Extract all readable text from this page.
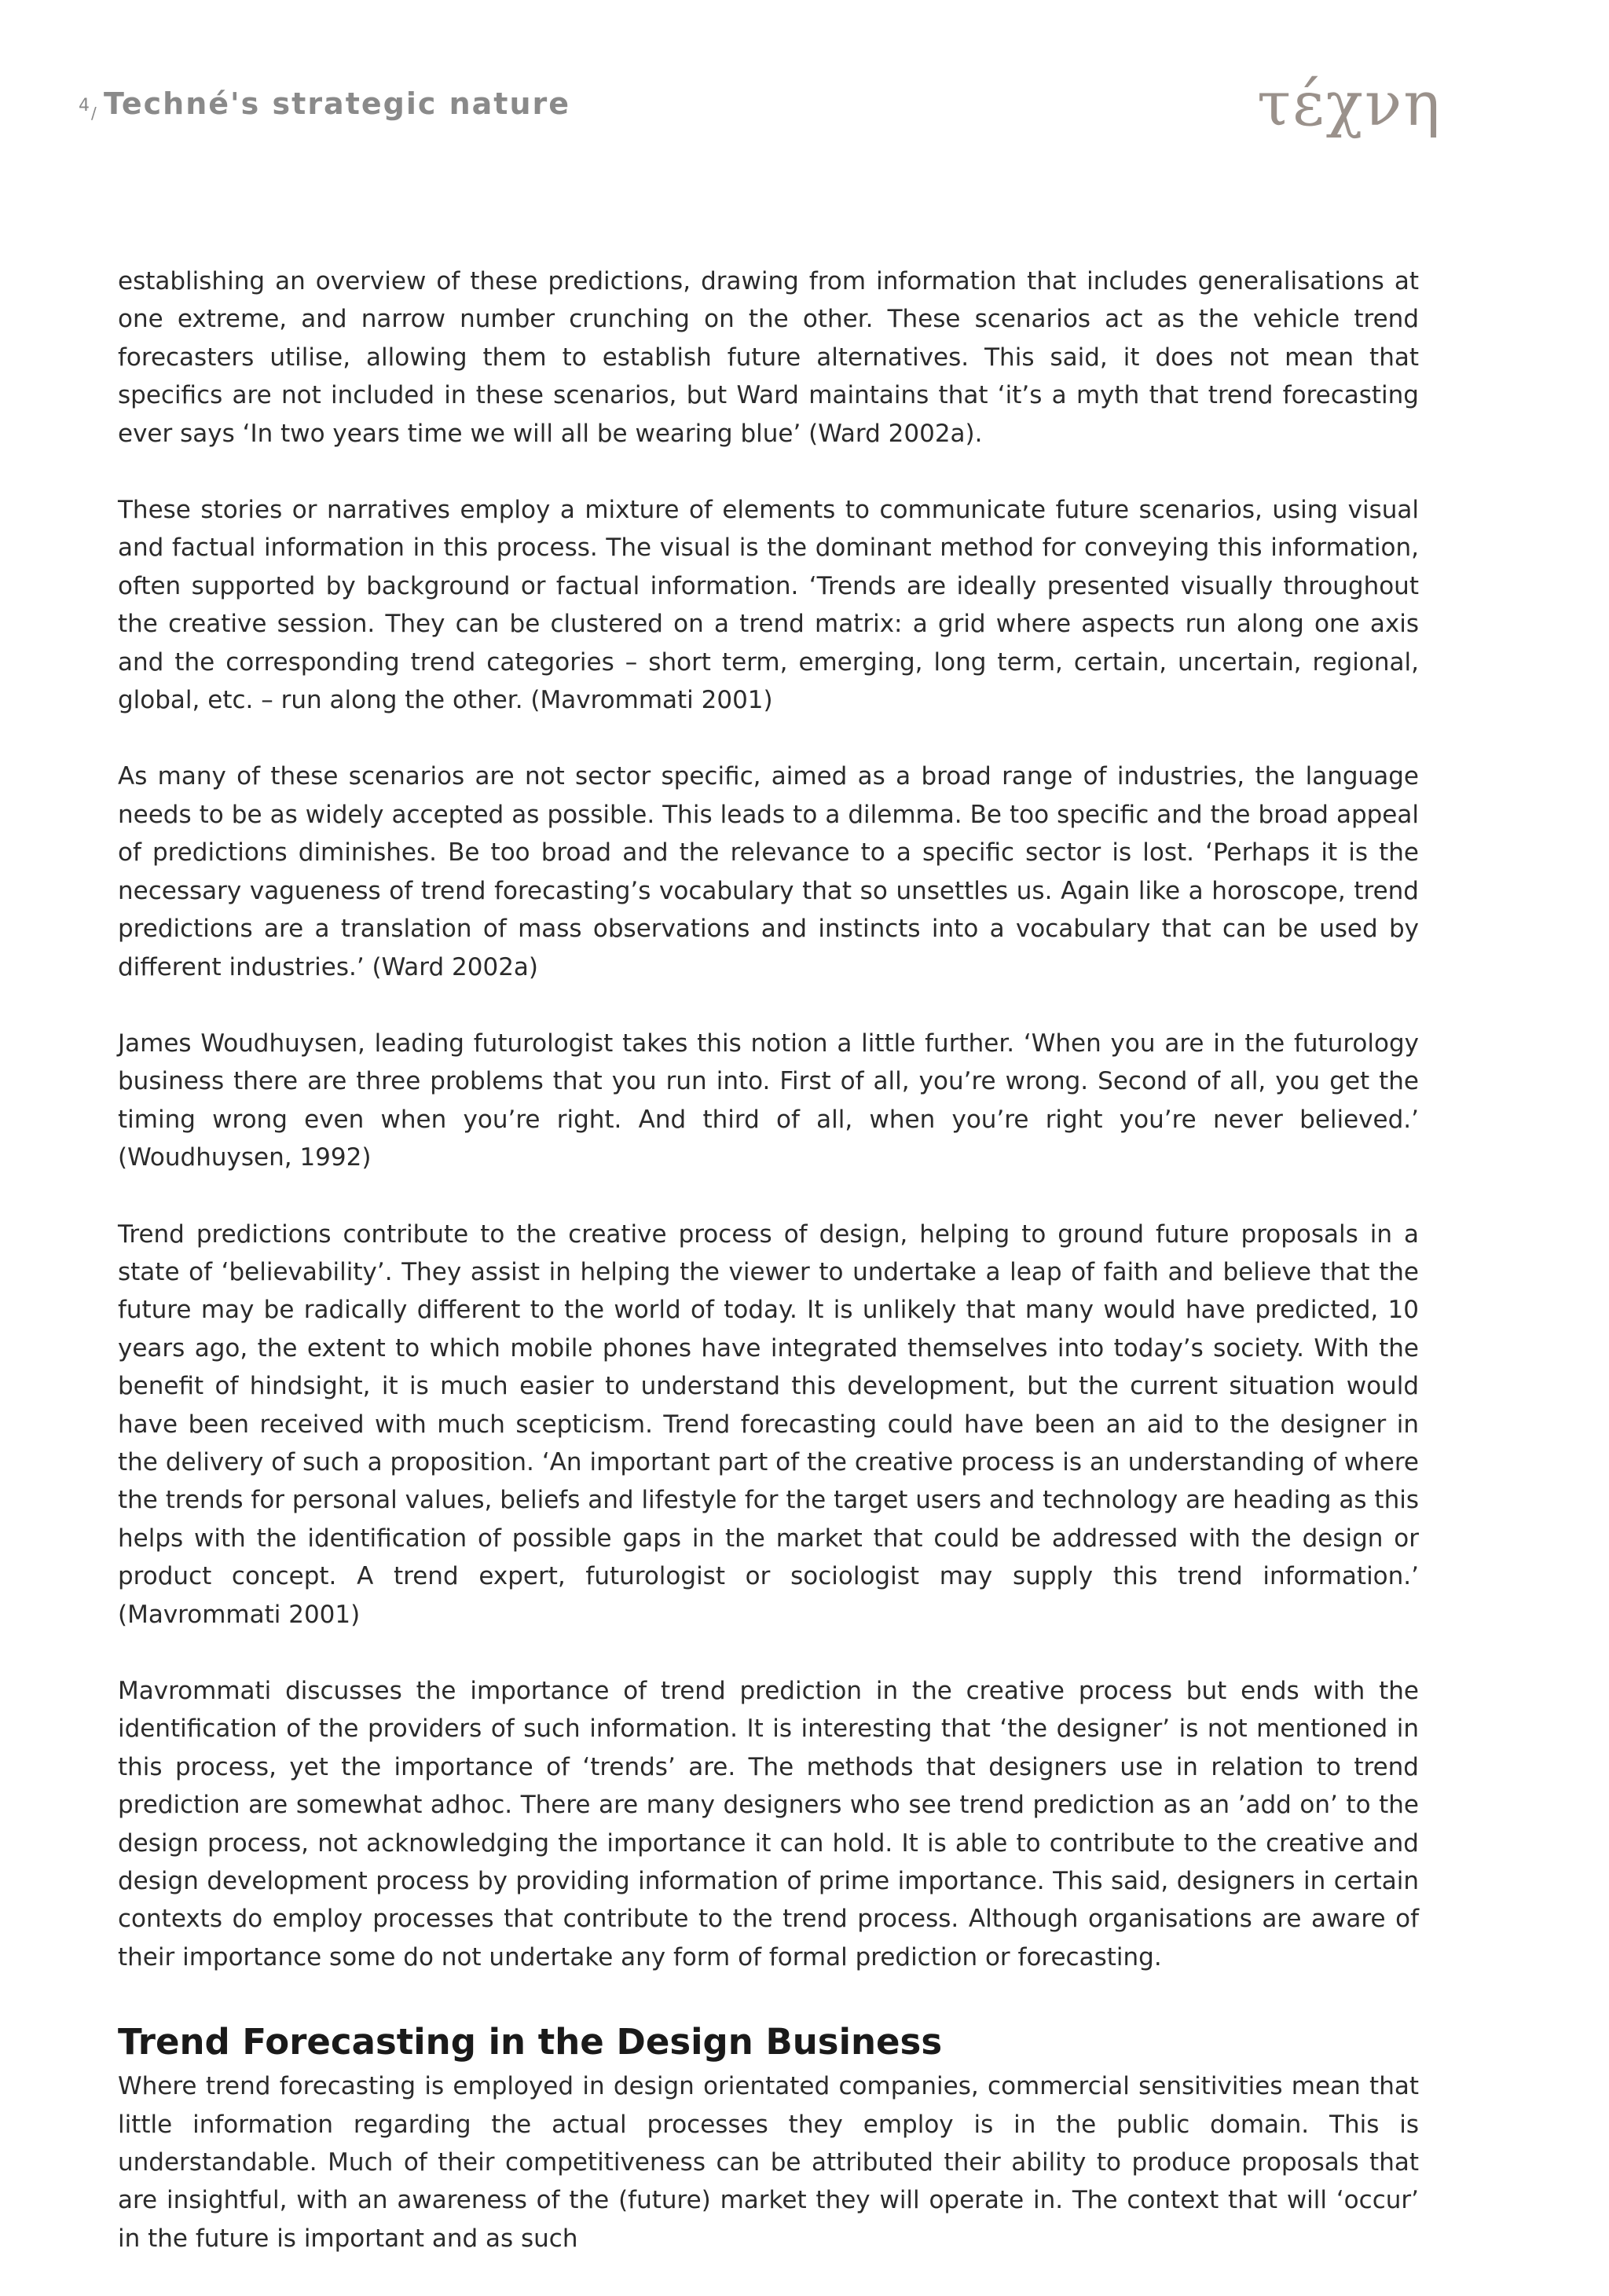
4 / Techné's strategic nature	τέχνη

establishing an overview of these predictions, drawing from information that includes generalisations at one extreme, and narrow number crunching on the other. These scenarios act as the vehicle trend forecasters utilise, allowing them to establish future alternatives. This said, it does not mean that specifics are not included in these scenarios, but Ward maintains that ‘it’s a myth that trend forecasting ever says ‘In two years time we will all be wearing blue’ (Ward 2002a).

These stories or narratives employ a mixture of elements to communicate future scenarios, using visual and factual information in this process. The visual is the dominant method for conveying this information, often supported by background or factual information. ‘Trends are ideally presented visually throughout the creative session. They can be clustered on a trend matrix: a grid where aspects run along one axis and the corresponding trend categories – short term, emerging, long term, certain, uncertain, regional, global, etc. – run along the other. (Mavrommati 2001)

As many of these scenarios are not sector specific, aimed as a broad range of industries, the language needs to be as widely accepted as possible. This leads to a dilemma. Be too specific and the broad appeal of predictions diminishes. Be too broad and the relevance to a specific sector is lost. ‘Perhaps it is the necessary vagueness of trend forecasting’s vocabulary that so unsettles us. Again like a horoscope, trend predictions are a translation of mass observations and instincts into a vocabulary that can be used by different industries.’ (Ward 2002a)

James Woudhuysen, leading futurologist takes this notion a little further. ‘When you are in the futurology business there are three problems that you run into. First of all, you’re wrong. Second of all, you get the timing wrong even when you’re right. And third of all, when you’re right you’re never believed.’ (Woudhuysen, 1992)

Trend predictions contribute to the creative process of design, helping to ground future proposals in a state of ‘believability’. They assist in helping the viewer to undertake a leap of faith and believe that the future may be radically different to the world of today. It is unlikely that many would have predicted, 10 years ago, the extent to which mobile phones have integrated themselves into today’s society. With the benefit of hindsight, it is much easier to understand this development, but the current situation would have been received with much scepticism. Trend forecasting could have been an aid to the designer in the delivery of such a proposition. ‘An important part of the creative process is an understanding of where the trends for personal values, beliefs and lifestyle for the target users and technology are heading as this helps with the identification of possible gaps in the market that could be addressed with the design or product concept. A trend expert, futurologist or sociologist may supply this trend information.’ (Mavrommati 2001)

Mavrommati discusses the importance of trend prediction in the creative process but ends with the identification of the providers of such information. It is interesting that ‘the designer’ is not mentioned in this process, yet the importance of ‘trends’ are. The methods that designers use in relation to trend prediction are somewhat adhoc. There are many designers who see trend prediction as an ’add on’ to the design process, not acknowledging the importance it can hold. It is able to contribute to the creative and design development process by providing information of prime importance. This said, designers in certain contexts do employ processes that contribute to the trend process. Although organisations are aware of their importance some do not undertake any form of formal prediction or forecasting.

Trend Forecasting in the Design Business

Where trend forecasting is employed in design orientated companies, commercial sensitivities mean that little information regarding the actual processes they employ is in the public domain. This is understandable. Much of their competitiveness can be attributed their ability to produce proposals that are insightful, with an awareness of the (future) market they will operate in. The context that will ‘occur’ in the future is important and as such
